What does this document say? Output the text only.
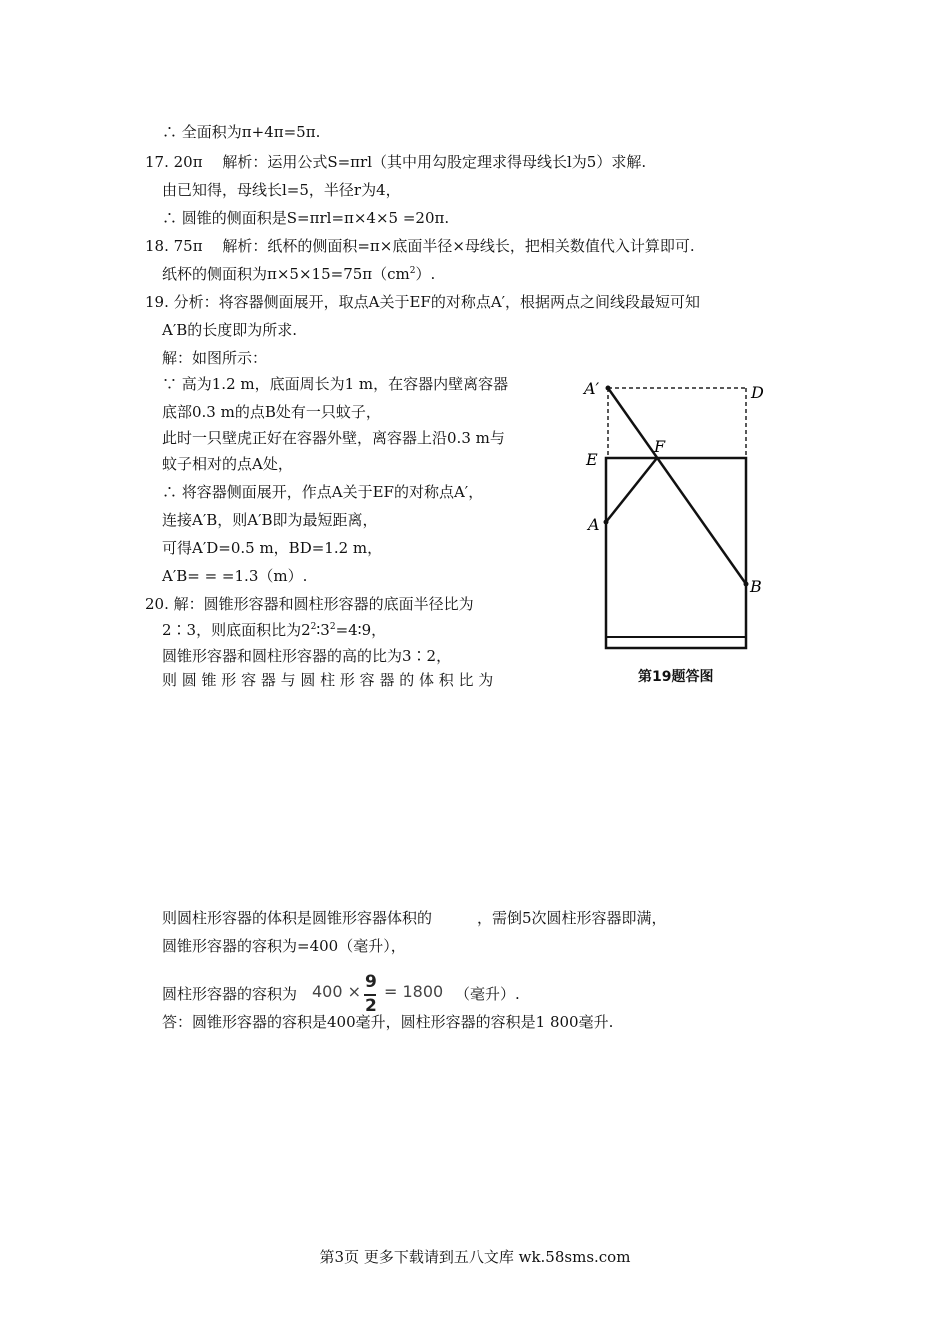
∴ 全面积为π+4π=5π.
17. 20π　 解析：运用公式S=πrl（其中用勾股定理求得母线长l为5）求解.
由已知得，母线长l=5，半径r为4，
∴ 圆锥的侧面积是S=πrl=π×4×5 =20π.
18. 75π　 解析：纸杯的侧面积=π×底面半径×母线长，把相关数值代入计算即可.
纸杯的侧面积为$\pi\times 5\times 15=75\pi(cm^2)$.
19. 分析：将容器侧面展开，取点A关于EF的对称点A′，根据两点之间线段最短可知
A′B的长度即为所求.
解：如图所示：
∵ 高为1.2 m，底面周长为1 m，在容器内壁离容器
底部0.3 m的点B处有一只蚊子，
此时一只壁虎正好在容器外壁，离容器上沿0.3 m与
蚊子相对的点A处，
∴ 将容器侧面展开，作点A关于EF的对称点A′，
连接A′B，则A′B即为最短距离，
可得A′D=0.5 m，BD=1.2 m，
A′B= = =1.3（m）.
20. 解：圆锥形容器和圆柱形容器的底面半径比为
2∶3，则底面积比为$2^2∶3^2=4∶9$，
圆锥形容器和圆柱形容器的高的比为3∶2，
则 圆 锥 形 容 器 与 圆 柱 形 容 器 的 体 积 比 为
A′	D
E
F
A
B
第19题答图
则圆柱形容器的体积是圆锥形容器体积的　　　，需倒5次圆柱形容器即满，
圆锥形容器的容积为=400（毫升），
圆柱形容器的容积为 400 × 9
2
= 1800 （毫升）.
答：圆锥形容器的容积是400毫升，圆柱形容器的容积是1 800毫升.
第3页 更多下载请到五八文库 wk.58sms.com
